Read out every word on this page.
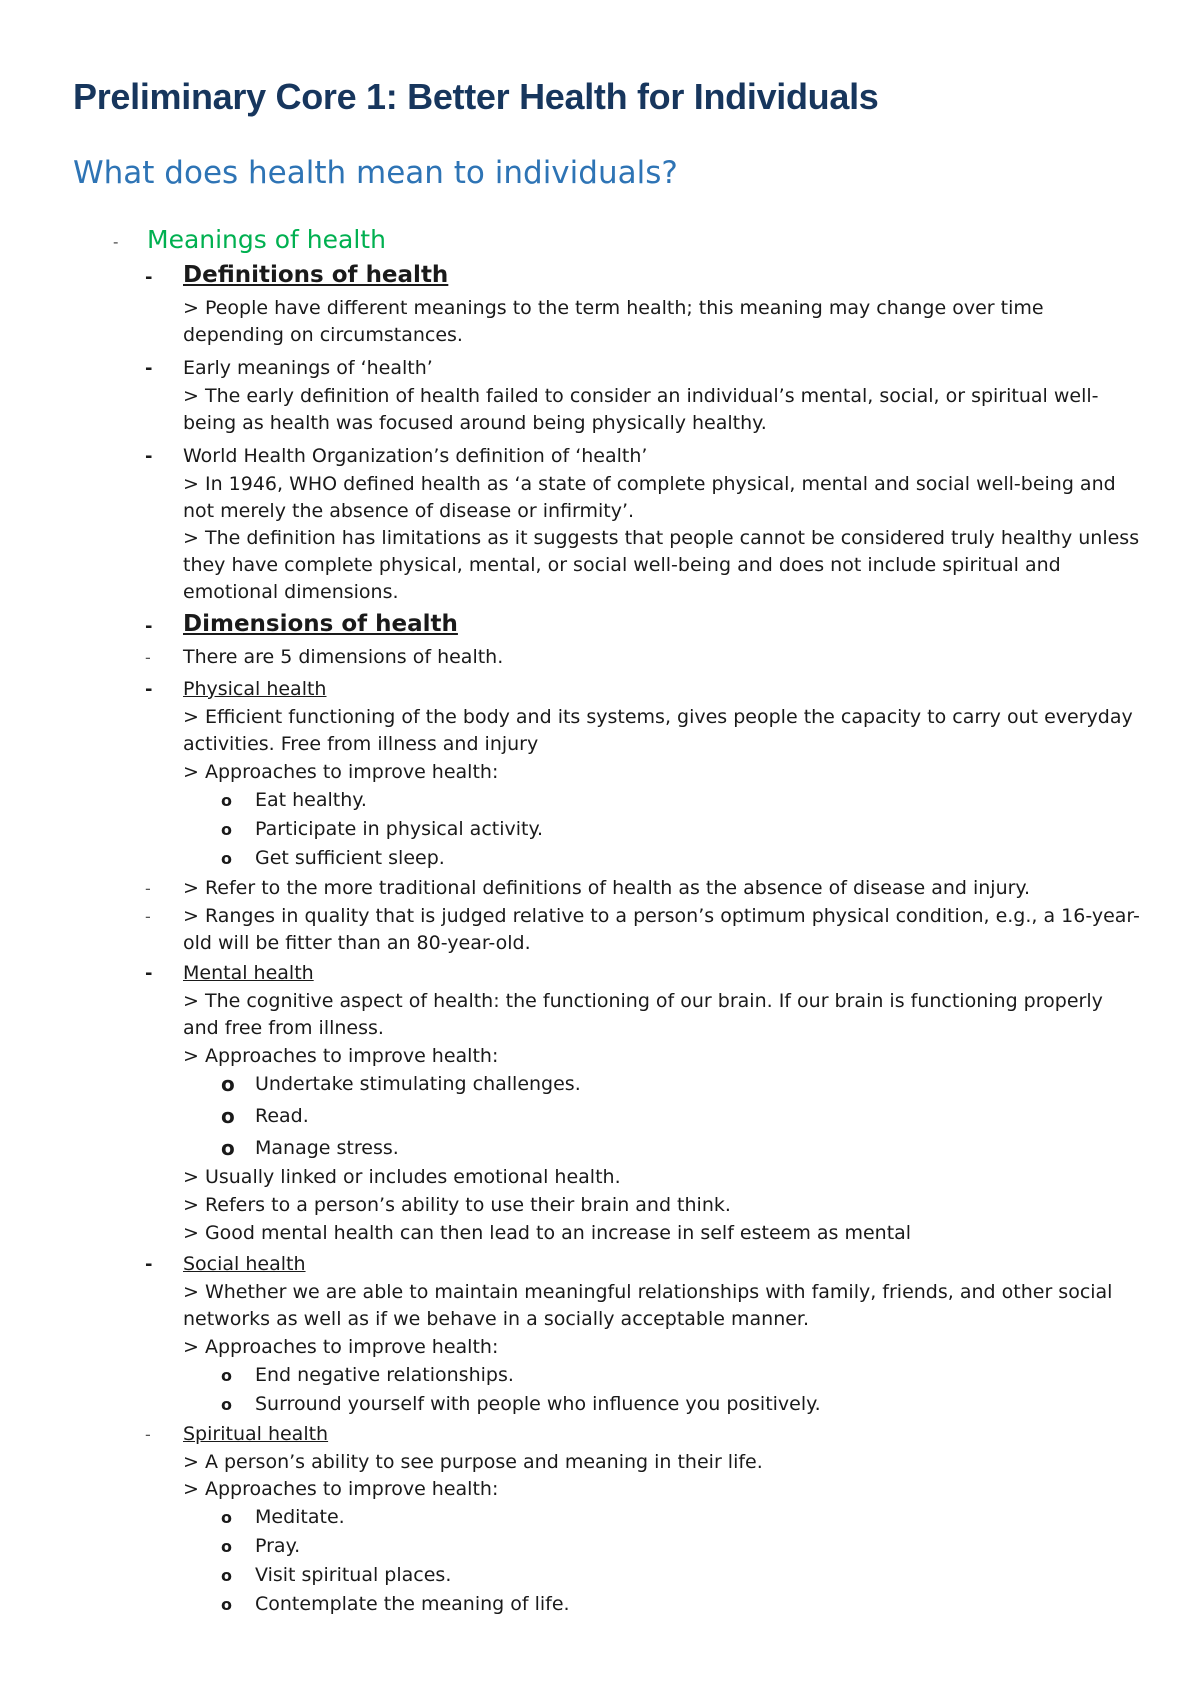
Preliminary Core 1: Better Health for Individuals
What does health mean to individuals?
- Meanings of health
- Definitions of health

> People have different meanings to the term health; this meaning may change over time depending on circumstances.

- Early meanings of ‘health’

> The early definition of health failed to consider an individual’s mental, social, or spiritual well-being as health was focused around being physically healthy.

- World Health Organization’s definition of ‘health’

> In 1946, WHO defined health as ‘a state of complete physical, mental and social well-being and not merely the absence of disease or infirmity’.

> The definition has limitations as it suggests that people cannot be considered truly healthy unless they have complete physical, mental, or social well-being and does not include spiritual and emotional dimensions.

- Dimensions of health
- There are 5 dimensions of health.
- Physical health

> Efficient functioning of the body and its systems, gives people the capacity to carry out everyday activities. Free from illness and injury

> Approaches to improve health:

o Eat healthy.
o Participate in physical activity.
o Get sufficient sleep.
- > Refer to the more traditional definitions of health as the absence of disease and injury.
- > Ranges in quality that is judged relative to a person’s optimum physical condition, e.g., a 16-year-old will be fitter than an 80-year-old.

- Mental health

> The cognitive aspect of health: the functioning of our brain. If our brain is functioning properly and free from illness.

> Approaches to improve health:

o Undertake stimulating challenges.
o Read.
o Manage stress.

> Usually linked or includes emotional health.

> Refers to a person’s ability to use their brain and think.

> Good mental health can then lead to an increase in self esteem as mental

- Social health

> Whether we are able to maintain meaningful relationships with family, friends, and other social networks as well as if we behave in a socially acceptable manner.

> Approaches to improve health:

o End negative relationships.
o Surround yourself with people who influence you positively.
- Spiritual health

> A person’s ability to see purpose and meaning in their life.

> Approaches to improve health:

o Meditate.
o Pray.
o Visit spiritual places.
o Contemplate the meaning of life.
